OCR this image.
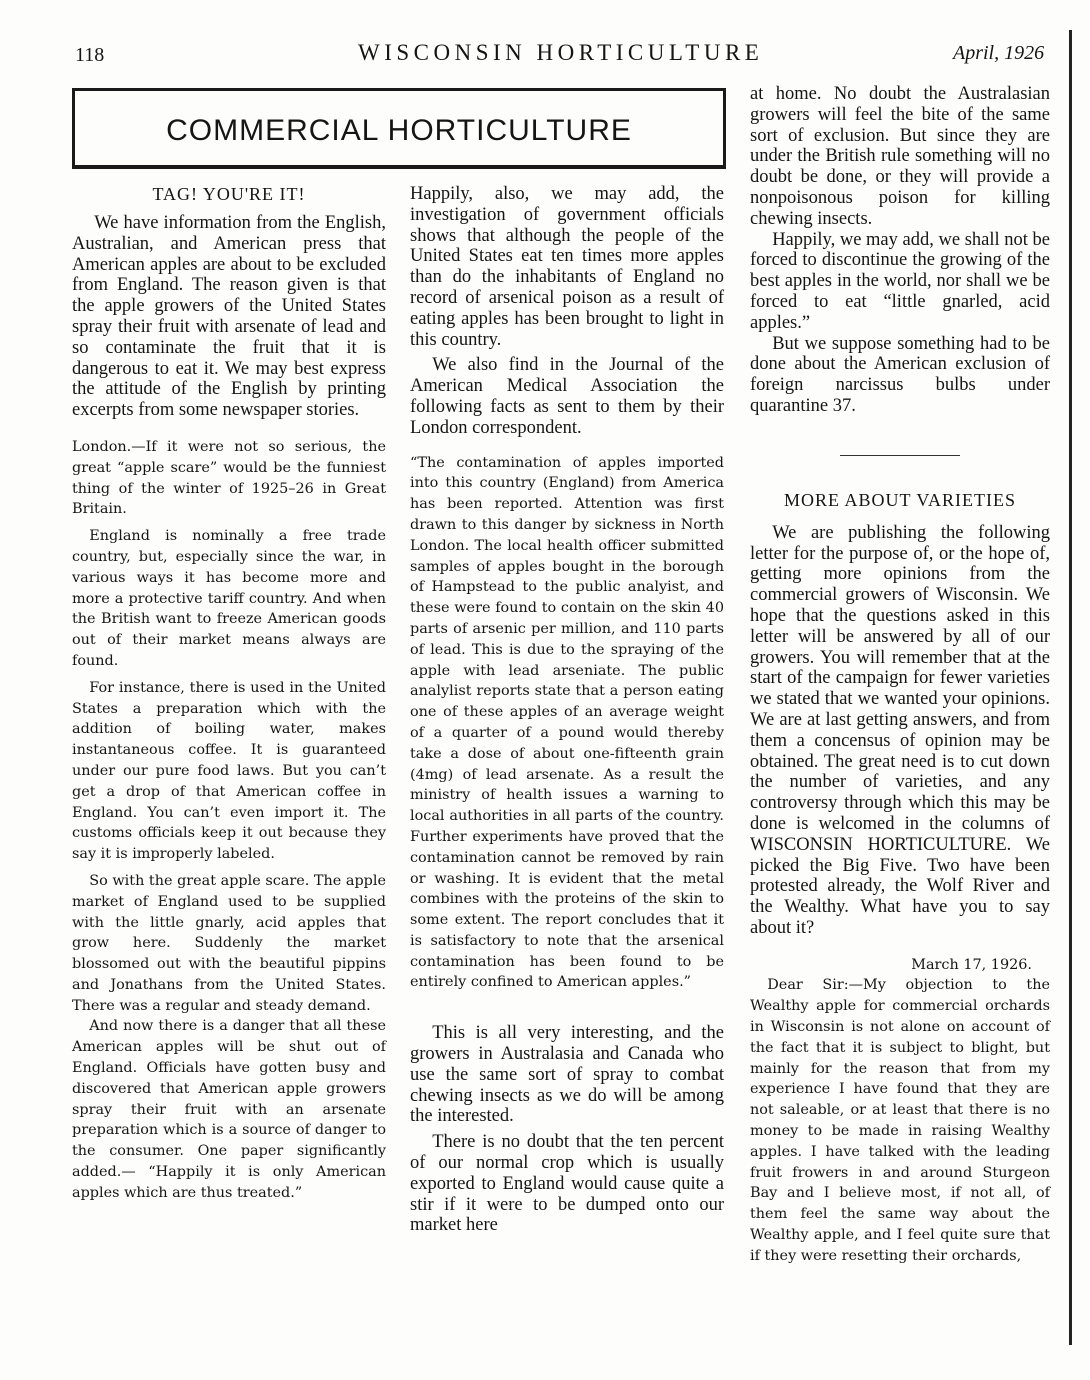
118	WISCONSIN HORTICULTURE	April, 1926
COMMERCIAL HORTICULTURE

TAG! YOU'RE IT!

We have information from the English, Australian, and American press that American apples are about to be excluded from England. The reason given is that the apple growers of the United States spray their fruit with arsenate of lead and so contaminate the fruit that it is dangerous to eat it. We may best express the attitude of the English by printing excerpts from some newspaper stories.

London.—If it were not so serious, the great “apple scare” would be the funniest thing of the winter of 1925–26 in Great Britain.

England is nominally a free trade country, but, especially since the war, in various ways it has become more and more a protective tariff country. And when the British want to freeze American goods out of their market means always are found.

For instance, there is used in the United States a preparation which with the addition of boiling water, makes instantaneous coffee. It is guaranteed under our pure food laws. But you can’t get a drop of that American coffee in England. You can’t even import it. The customs officials keep it out because they say it is improperly labeled.

So with the great apple scare. The apple market of England used to be supplied with the little gnarly, acid apples that grow here. Suddenly the market blossomed out with the beautiful pippins and Jonathans from the United States. There was a regular and steady demand.

And now there is a danger that all these American apples will be shut out of England. Officials have gotten busy and discovered that American apple growers spray their fruit with an arsenate preparation which is a source of danger to the consumer. One paper significantly added.— “Happily it is only American apples which are thus treated.”

Happily, also, we may add, the investigation of government officials shows that although the people of the United States eat ten times more apples than do the inhabitants of England no record of arsenical poison as a result of eating apples has been brought to light in this country.

We also find in the Journal of the American Medical Association the following facts as sent to them by their London correspondent.

“The contamination of apples imported into this country (England) from America has been reported. Attention was first drawn to this danger by sickness in North London. The local health officer submitted samples of apples bought in the borough of Hampstead to the public analyist, and these were found to contain on the skin 40 parts of arsenic per million, and 110 parts of lead. This is due to the spraying of the apple with lead arseniate. The public analylist reports state that a person eating one of these apples of an average weight of a quarter of a pound would thereby take a dose of about one-fifteenth grain (4mg) of lead arsenate. As a result the ministry of health issues a warning to local authorities in all parts of the country. Further experiments have proved that the contamination cannot be removed by rain or washing. It is evident that the metal combines with the proteins of the skin to some extent. The report concludes that it is satisfactory to note that the arsenical contamination has been found to be entirely confined to American apples.”

This is all very interesting, and the growers in Australasia and Canada who use the same sort of spray to combat chewing insects as we do will be among the interested.

There is no doubt that the ten percent of our normal crop which is usually exported to England would cause quite a stir if it were to be dumped onto our market here

at home. No doubt the Australasian growers will feel the bite of the same sort of exclusion. But since they are under the British rule something will no doubt be done, or they will provide a nonpoisonous poison for killing chewing insects.

Happily, we may add, we shall not be forced to discontinue the growing of the best apples in the world, nor shall we be forced to eat “little gnarled, acid apples.”

But we suppose something had to be done about the American exclusion of foreign narcissus bulbs under quarantine 37.

MORE ABOUT VARIETIES

We are publishing the following letter for the purpose of, or the hope of, getting more opinions from the commercial growers of Wisconsin. We hope that the questions asked in this letter will be answered by all of our growers. You will remember that at the start of the campaign for fewer varieties we stated that we wanted your opinions. We are at last getting answers, and from them a concensus of opinion may be obtained. The great need is to cut down the number of varieties, and any controversy through which this may be done is welcomed in the columns of WISCONSIN HORTICULTURE. We picked the Big Five. Two have been protested already, the Wolf River and the Wealthy. What have you to say about it?

March 17, 1926.

Dear Sir:—My objection to the Wealthy apple for commercial orchards in Wisconsin is not alone on account of the fact that it is subject to blight, but mainly for the reason that from my experience I have found that they are not saleable, or at least that there is no money to be made in raising Wealthy apples. I have talked with the leading fruit frowers in and around Sturgeon Bay and I believe most, if not all, of them feel the same way about the Wealthy apple, and I feel quite sure that if they were resetting their orchards,
